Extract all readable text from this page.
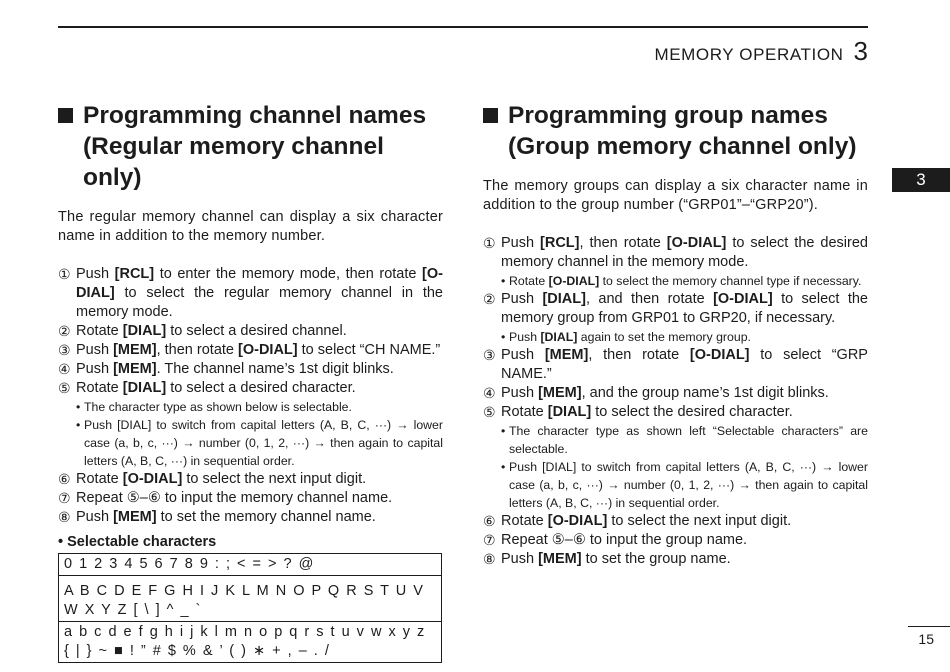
MEMORY OPERATION 3
3
Programming channel names
(Regular memory channel only)
The regular memory channel can display a six character name in addition to the memory number.
① Push [RCL] to enter the memory mode, then rotate [O-DIAL] to select the regular memory channel in the memory mode.
② Rotate [DIAL] to select a desired channel.
③ Push [MEM], then rotate [O-DIAL] to select “CH NAME.”
④ Push [MEM]. The channel name’s 1st digit blinks.
⑤ Rotate [DIAL] to select a desired character.
• The character type as shown below is selectable.
• Push [DIAL] to switch from capital letters (A, B, C, ···) → lower case (a, b, c, ···) → number (0, 1, 2, ···) → then again to capital letters (A, B, C, ···) in sequential order.
⑥ Rotate [O-DIAL] to select the next input digit.
⑦ Repeat ⑤–⑥ to input the memory channel name.
⑧ Push [MEM] to set the memory channel name.
• Selectable characters
0 1 2 3 4 5 6 7 8 9 : ; < = > ? @
A B C D E F G H I J K L M N O P Q R S T U V W X Y Z [ \ ] ^ _ `
a b c d e f g h i j k l m n o p q r s t u v w x y z { | } ~ ■ ! ” # $ % & ’ ( ) ∗ + , – . /
Programming group names
(Group memory channel only)
The memory groups can display a six character name in addition to the group number (“GRP01”–“GRP20”).
① Push [RCL], then rotate [O-DIAL] to select the desired memory channel in the memory mode.
• Rotate [O-DIAL] to select the memory channel type if necessary.
② Push [DIAL], and then rotate [O-DIAL] to select the memory group from GRP01 to GRP20, if necessary.
• Push [DIAL] again to set the memory group.
③ Push [MEM], then rotate [O-DIAL] to select “GRP NAME.”
④ Push [MEM], and the group name’s 1st digit blinks.
⑤ Rotate [DIAL] to select the desired character.
• The character type as shown left “Selectable characters” are selectable.
• Push [DIAL] to switch from capital letters (A, B, C, ···) → lower case (a, b, c, ···) → number (0, 1, 2, ···) → then again to capital letters (A, B, C, ···) in sequential order.
⑥ Rotate [O-DIAL] to select the next input digit.
⑦ Repeat ⑤–⑥ to input the group name.
⑧ Push [MEM] to set the group name.
15
